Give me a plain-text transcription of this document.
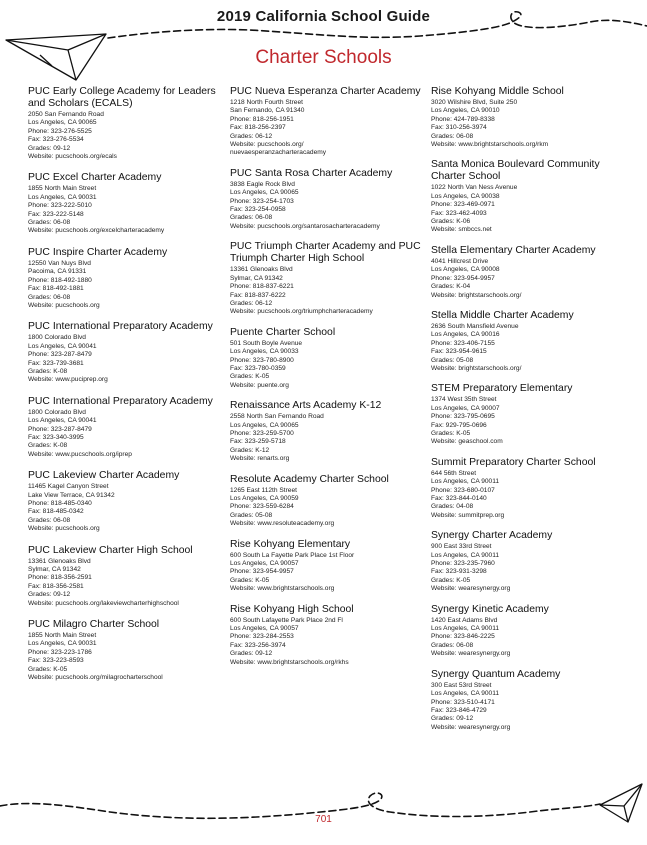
2019 California School Guide
Charter Schools
PUC Early College Academy for Leaders and Scholars (ECALS)
2050 San Fernando Road
Los Angeles, CA 90065
Phone: 323-276-5525
Fax: 323-276-5534
Grades: 09-12
Website: pucschools.org/ecals
PUC Excel Charter Academy
1855 North Main Street
Los Angeles, CA 90031
Phone: 323-222-5010
Fax: 323-222-5148
Grades: 06-08
Website: pucschools.org/excelcharteracademy
PUC Inspire Charter Academy
12550 Van Nuys Blvd
Pacoima, CA 91331
Phone: 818-492-1880
Fax: 818-492-1881
Grades: 06-08
Website: pucschools.org
PUC International Preparatory Academy
1800 Colorado Blvd
Los Angeles, CA 90041
Phone: 323-287-8479
Fax: 323-739-3681
Grades: K-08
Website: www.puciprep.org
PUC International Preparatory Academy
1800 Colorado Blvd
Los Angeles, CA 90041
Phone: 323-287-8479
Fax: 323-340-3995
Grades: K-08
Website: www.pucschools.org/iprep
PUC Lakeview Charter Academy
11465 Kagel Canyon Street
Lake View Terrace, CA 91342
Phone: 818-485-0340
Fax: 818-485-0342
Grades: 06-08
Website: pucschools.org
PUC Lakeview Charter High School
13361 Glenoaks Blvd
Sylmar, CA 91342
Phone: 818-356-2591
Fax: 818-356-2581
Grades: 09-12
Website: pucschools.org/lakeviewcharterhighschool
PUC Milagro Charter School
1855 North Main Street
Los Angeles, CA 90031
Phone: 323-223-1786
Fax: 323-223-8593
Grades: K-05
Website: pucschools.org/milagrocharterschool
PUC Nueva Esperanza Charter Academy
1218 North Fourth Street
San Fernando, CA 91340
Phone: 818-256-1951
Fax: 818-256-2397
Grades: 06-12
Website: pucschools.org/
nuevaesperanzacharteracademy
PUC Santa Rosa Charter Academy
3838 Eagle Rock Blvd
Los Angeles, CA 90065
Phone: 323-254-1703
Fax: 323-254-0958
Grades: 06-08
Website: pucschools.org/santarosacharteracademy
PUC Triumph Charter Academy and PUC Triumph Charter High School
13361 Glenoaks Blvd
Sylmar, CA 91342
Phone: 818-837-6221
Fax: 818-837-6222
Grades: 06-12
Website: pucschools.org/triumphcharteracademy
Puente Charter School
501 South Boyle Avenue
Los Angeles, CA 90033
Phone: 323-780-8900
Fax: 323-780-0359
Grades: K-05
Website: puente.org
Renaissance Arts Academy K-12
2558 North San Fernando Road
Los Angeles, CA 90065
Phone: 323-259-5700
Fax: 323-259-5718
Grades: K-12
Website: renarts.org
Resolute Academy Charter School
1265 East 112th Street
Los Angeles, CA 90059
Phone: 323-559-6284
Grades: 05-08
Website: www.resoluteacademy.org
Rise Kohyang Elementary
600 South La Fayette Park Place 1st Floor
Los Angeles, CA 90057
Phone: 323-954-9957
Grades: K-05
Website: www.brightstarschools.org
Rise Kohyang High School
600 South Lafayette Park Place 2nd Fl
Los Angeles, CA 90057
Phone: 323-284-2553
Fax: 323-256-3974
Grades: 09-12
Website: www.brightstarschools.org/rkhs
Rise Kohyang Middle School
3020 Wilshire Blvd, Suite 250
Los Angeles, CA 90010
Phone: 424-789-8338
Fax: 310-256-3974
Grades: 06-08
Website: www.brightstarschools.org/rkm
Santa Monica Boulevard Community Charter School
1022 North Van Ness Avenue
Los Angeles, CA 90038
Phone: 323-469-0971
Fax: 323-462-4093
Grades: K-06
Website: smbccs.net
Stella Elementary Charter Academy
4041 Hillcrest Drive
Los Angeles, CA 90008
Phone: 323-954-9957
Grades: K-04
Website: brightstarschools.org/
Stella Middle Charter Academy
2636 South Mansfield Avenue
Los Angeles, CA 90016
Phone: 323-406-7155
Fax: 323-954-9615
Grades: 05-08
Website: brightstarschools.org/
STEM Preparatory Elementary
1374 West 35th Street
Los Angeles, CA 90007
Phone: 323-795-0695
Fax: 929-795-0696
Grades: K-05
Website: geaschool.com
Summit Preparatory Charter School
644 56th Street
Los Angeles, CA 90011
Phone: 323-680-0107
Fax: 323-844-0140
Grades: 04-08
Website: summitprep.org
Synergy Charter Academy
900 East 33rd Street
Los Angeles, CA 90011
Phone: 323-235-7960
Fax: 323-931-3298
Grades: K-05
Website: wearesynergy.org
Synergy Kinetic Academy
1420 East Adams Blvd
Los Angeles, CA 90011
Phone: 323-846-2225
Grades: 06-08
Website: wearesynergy.org
Synergy Quantum Academy
300 East 53rd Street
Los Angeles, CA 90011
Phone: 323-510-4171
Fax: 323-846-4729
Grades: 09-12
Website: wearesynergy.org
701
